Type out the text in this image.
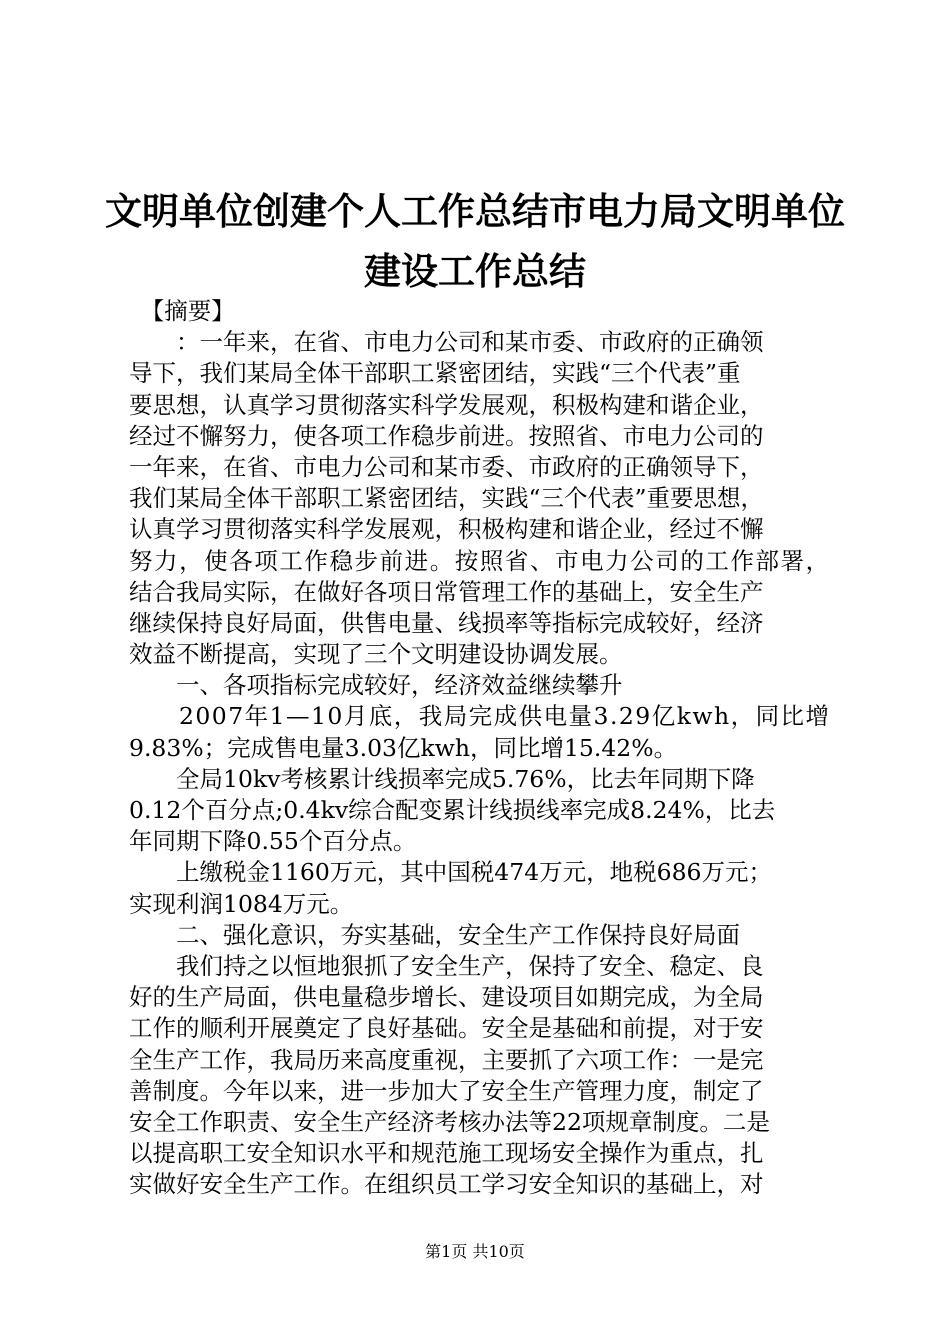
文明单位创建个人工作总结市电力局文明单位
建设工作总结
　【摘要】
　　：一年来，在省、市电力公司和某市委、市政府的正确领
导下，我们某局全体干部职工紧密团结，实践“三个代表”重
要思想，认真学习贯彻落实科学发展观，积极构建和谐企业，
经过不懈努力，使各项工作稳步前进。按照省、市电力公司的
一年来，在省、市电力公司和某市委、市政府的正确领导下，
我们某局全体干部职工紧密团结，实践“三个代表”重要思想，
认真学习贯彻落实科学发展观，积极构建和谐企业，经过不懈
努力，使各项工作稳步前进。按照省、市电力公司的工作部署，
结合我局实际，在做好各项日常管理工作的基础上，安全生产
继续保持良好局面，供售电量、线损率等指标完成较好，经济
效益不断提高，实现了三个文明建设协调发展。
　　一、各项指标完成较好，经济效益继续攀升
　　2007年1—10月底，我局完成供电量3.29亿kwh，同比增
9.83%；完成售电量3.03亿kwh，同比增15.42%。
　　全局10kv考核累计线损率完成5.76%，比去年同期下降
0.12个百分点;0.4kv综合配变累计线损线率完成8.24%，比去
年同期下降0.55个百分点。
　　上缴税金1160万元，其中国税474万元，地税686万元；
实现利润1084万元。
　　二、强化意识，夯实基础，安全生产工作保持良好局面
　　我们持之以恒地狠抓了安全生产，保持了安全、稳定、良
好的生产局面，供电量稳步增长、建设项目如期完成，为全局
工作的顺利开展奠定了良好基础。安全是基础和前提，对于安
全生产工作，我局历来高度重视，主要抓了六项工作：一是完
善制度。今年以来，进一步加大了安全生产管理力度，制定了
安全工作职责、安全生产经济考核办法等22项规章制度。二是
以提高职工安全知识水平和规范施工现场安全操作为重点，扎
实做好安全生产工作。在组织员工学习安全知识的基础上，对
第1页 共10页
